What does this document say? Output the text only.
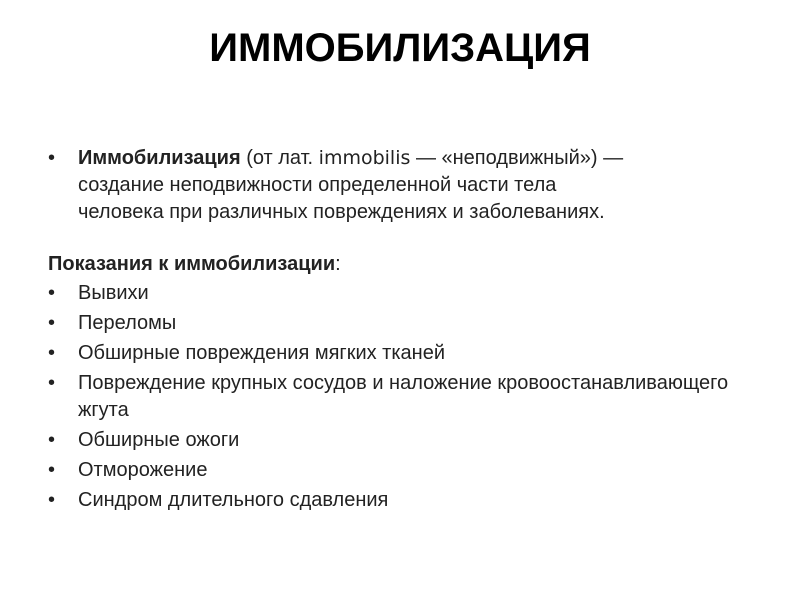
ИММОБИЛИЗАЦИЯ
•	Иммобилизация (от лат. immobilis — «неподвижный») —
создание неподвижности определенной части тела
человека при различных повреждениях и заболеваниях.
Показания к иммобилизации:
•	Вывихи
•	Переломы
•	Обширные повреждения мягких тканей
•	Повреждение крупных сосудов и наложение кровоостанавливающего жгута
•	Обширные ожоги
•	Отморожение
•	Синдром длительного сдавления
